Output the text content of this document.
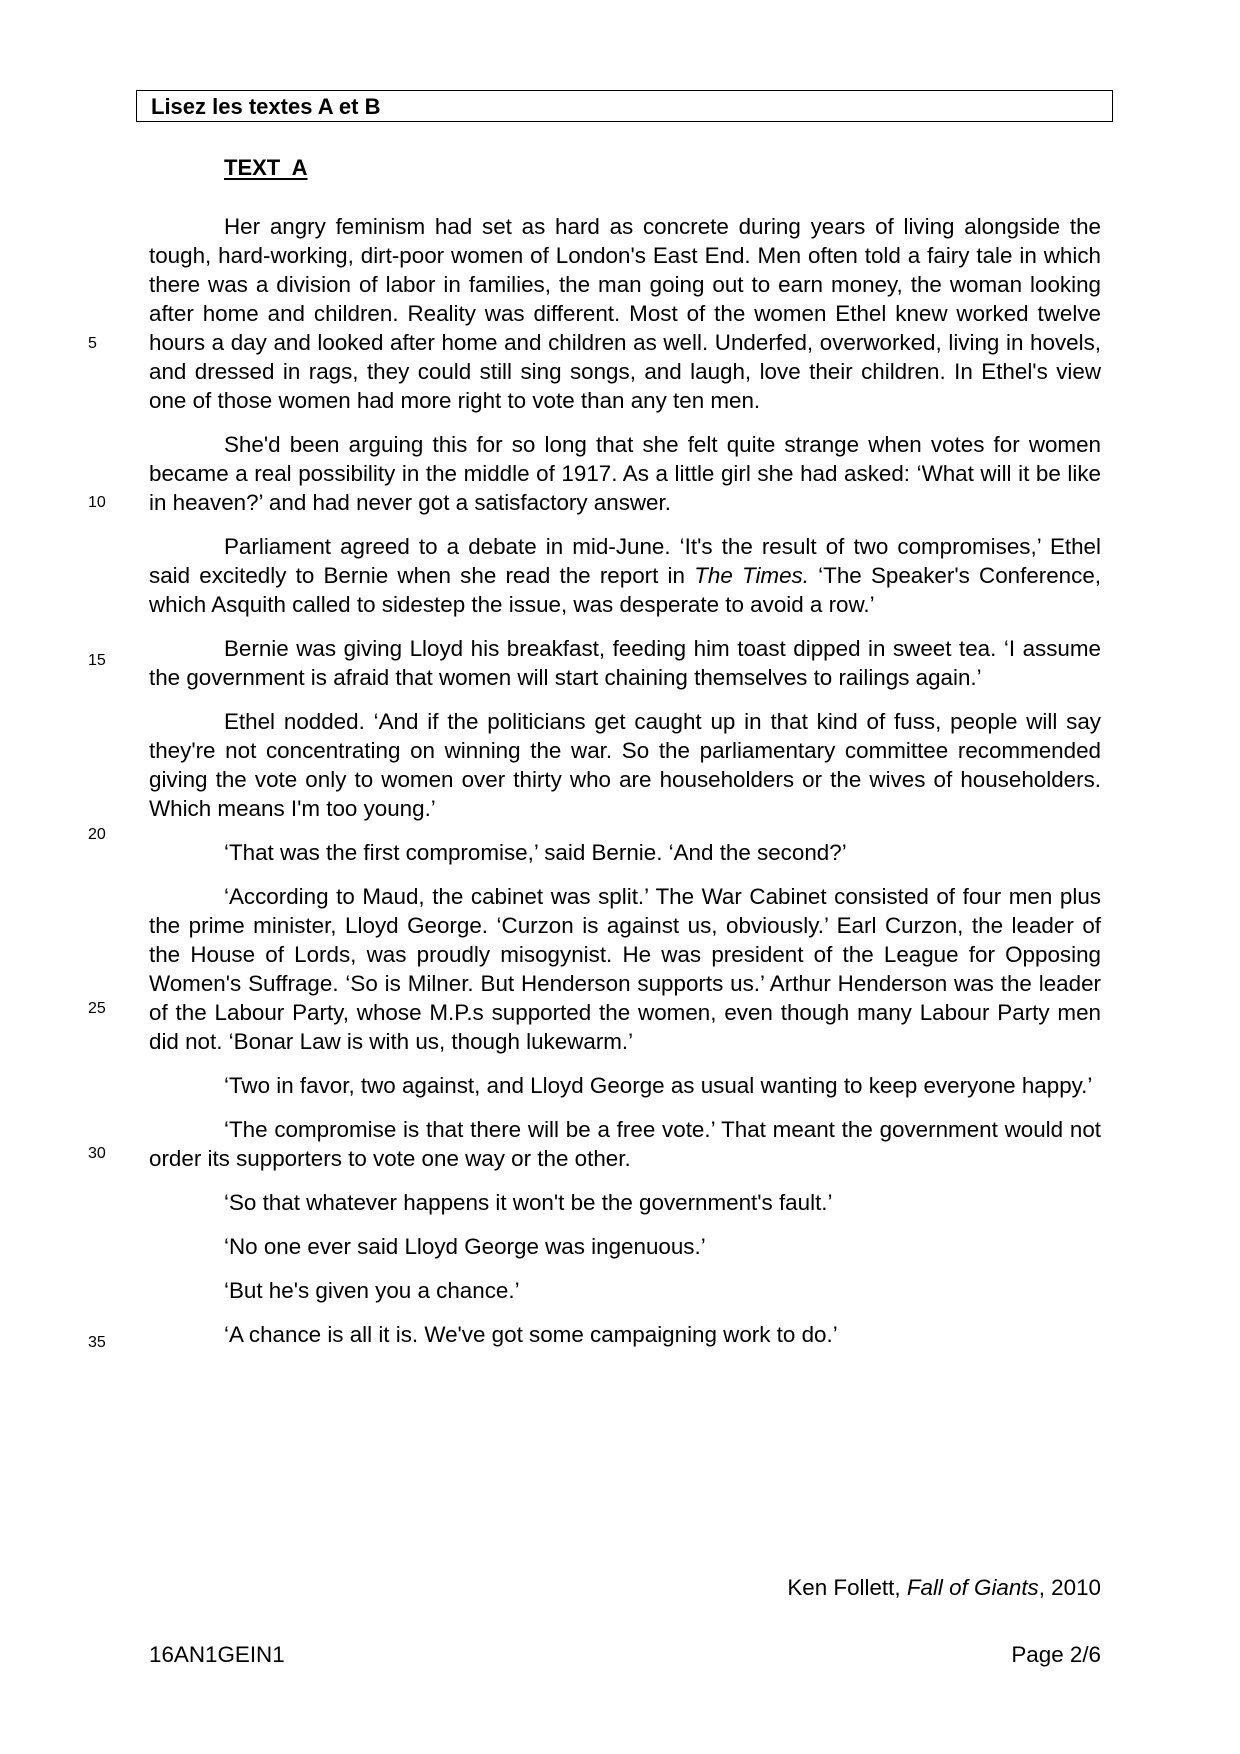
Lisez les textes A et B
TEXT  A

Her angry feminism had set as hard as concrete during years of living alongside the tough, hard-working, dirt-poor women of London's East End. Men often told a fairy tale in which there was a division of labor in families, the man going out to earn money, the woman looking after home and children. Reality was different. Most of the women Ethel knew worked twelve hours a day and looked after home and children as well. Underfed, overworked, living in hovels, and dressed in rags, they could still sing songs, and laugh, love their children. In Ethel's view one of those women had more right to vote than any ten men.

She'd been arguing this for so long that she felt quite strange when votes for women became a real possibility in the middle of 1917. As a little girl she had asked: ‘What will it be like in heaven?’ and had never got a satisfactory answer.

Parliament agreed to a debate in mid-June. ‘It's the result of two compromises,’ Ethel said excitedly to Bernie when she read the report in The Times. ‘The Speaker's Conference, which Asquith called to sidestep the issue, was desperate to avoid a row.’

Bernie was giving Lloyd his breakfast, feeding him toast dipped in sweet tea. ‘I assume the government is afraid that women will start chaining themselves to railings again.’

Ethel nodded. ‘And if the politicians get caught up in that kind of fuss, people will say they're not concentrating on winning the war. So the parliamentary committee recommended giving the vote only to women over thirty who are householders or the wives of householders. Which means I'm too young.’

‘That was the first compromise,’ said Bernie. ‘And the second?’

‘According to Maud, the cabinet was split.’ The War Cabinet consisted of four men plus the prime minister, Lloyd George. ‘Curzon is against us, obviously.’ Earl Curzon, the leader of the House of Lords, was proudly misogynist. He was president of the League for Opposing Women's Suffrage. ‘So is Milner. But Henderson supports us.’ Arthur Henderson was the leader of the Labour Party, whose M.P.s supported the women, even though many Labour Party men did not. ‘Bonar Law is with us, though lukewarm.’

‘Two in favor, two against, and Lloyd George as usual wanting to keep everyone happy.’

‘The compromise is that there will be a free vote.’ That meant the government would not order its supporters to vote one way or the other.

‘So that whatever happens it won't be the government's fault.’

‘No one ever said Lloyd George was ingenuous.’

‘But he's given you a chance.’

‘A chance is all it is. We've got some campaigning work to do.’

5
10
15
20
25
30
35
Ken Follett, Fall of Giants, 2010
16AN1GEIN1	Page 2/6
